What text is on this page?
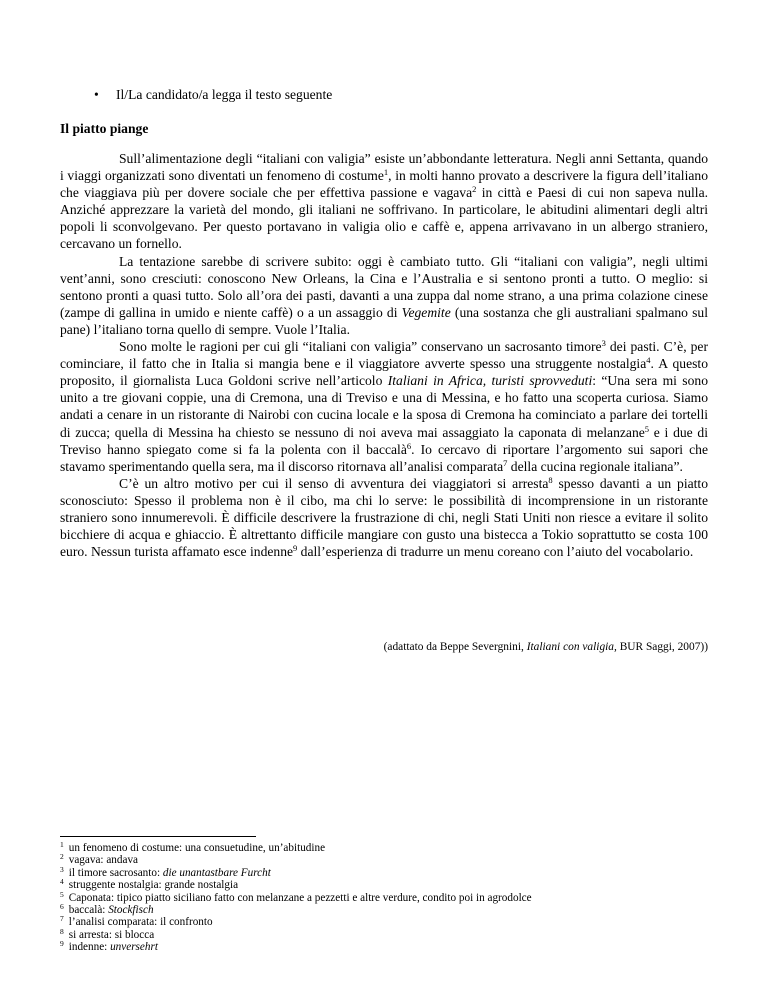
• Il/La candidato/a legga il testo seguente
Il piatto piange

Sull’alimentazione degli “italiani con valigia” esiste un’abbondante letteratura. Negli anni Settanta, quando i viaggi organizzati sono diventati un fenomeno di costume$^1$, in molti hanno provato a descrivere la figura dell’italiano che viaggiava più per dovere sociale che per effettiva passione e vagava$^2$ in città e Paesi di cui non sapeva nulla. Anziché apprezzare la varietà del mondo, gli italiani ne soffrivano. In particolare, le abitudini alimentari degli altri popoli li sconvolgevano. Per questo portavano in valigia olio e caffè e, appena arrivavano in un albergo straniero, cercavano un fornello.

La tentazione sarebbe di scrivere subito: oggi è cambiato tutto. Gli “italiani con valigia”, negli ultimi vent’anni, sono cresciuti: conoscono New Orleans, la Cina e l’Australia e si sentono pronti a tutto. O meglio: si sentono pronti a quasi tutto. Solo all’ora dei pasti, davanti a una zuppa dal nome strano, a una prima colazione cinese (zampe di gallina in umido e niente caffè) o a un assaggio di Vegemite (una sostanza che gli australiani spalmano sul pane) l’italiano torna quello di sempre. Vuole l’Italia.

Sono molte le ragioni per cui gli “italiani con valigia” conservano un sacrosanto timore$^3$ dei pasti. C’è, per cominciare, il fatto che in Italia si mangia bene e il viaggiatore avverte spesso una struggente nostalgia$^4$. A questo proposito, il giornalista Luca Goldoni scrive nell’articolo Italiani in Africa, turisti sprovveduti: “Una sera mi sono unito a tre giovani coppie, una di Cremona, una di Treviso e una di Messina, e ho fatto una scoperta curiosa. Siamo andati a cenare in un ristorante di Nairobi con cucina locale e la sposa di Cremona ha cominciato a parlare dei tortelli di zucca; quella di Messina ha chiesto se nessuno di noi aveva mai assaggiato la caponata di melanzane$^5$ e i due di Treviso hanno spiegato come si fa la polenta con il baccalà$^6$. Io cercavo di riportare l’argomento sui sapori che stavamo sperimentando quella sera, ma il discorso ritornava all’analisi comparata$^7$ della cucina regionale italiana”.

C’è un altro motivo per cui il senso di avventura dei viaggiatori si arresta$^8$ spesso davanti a un piatto sconosciuto: Spesso il problema non è il cibo, ma chi lo serve: le possibilità di incomprensione in un ristorante straniero sono innumerevoli. È difficile descrivere la frustrazione di chi, negli Stati Uniti non riesce a evitare il solito bicchiere di acqua e ghiaccio. È altrettanto difficile mangiare con gusto una bistecca a Tokio soprattutto se costa 100 euro. Nessun turista affamato esce indenne$^9$ dall’esperienza di tradurre un menu coreano con l’aiuto del vocabolario.

(adattato da Beppe Severgnini, Italiani con valigia, BUR Saggi, 2007))
$^1$ un fenomeno di costume: una consuetudine, un’abitudine
$^2$ vagava: andava
$^3$ il timore sacrosanto: die unantastbare Furcht
$^4$ struggente nostalgia: grande nostalgia
$^5$ Caponata: tipico piatto siciliano fatto con melanzane a pezzetti e altre verdure, condito poi in agrodolce
$^6$ baccalà: Stockfisch
$^7$ l’analisi comparata: il confronto
$^8$ si arresta: si blocca
$^9$ indenne: unversehrt
